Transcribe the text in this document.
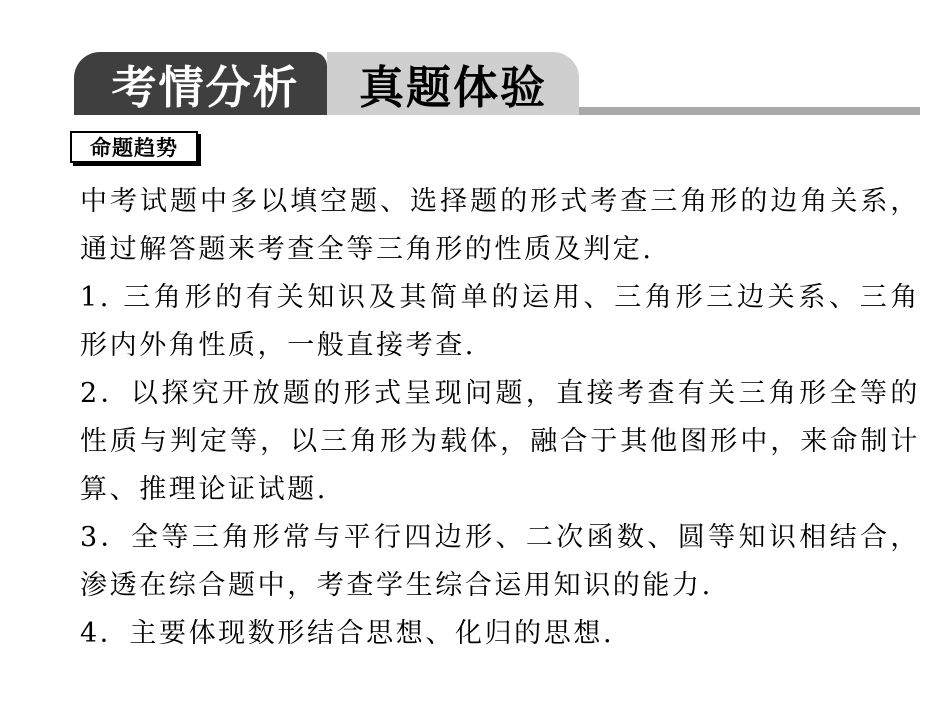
考情分析 真题体验
命题趋势

中考试题中多以填空题、选择题的形式考查三角形的边角关系，通过解答题来考查全等三角形的性质及判定.

1. 三角形的有关知识及其简单的运用、三角形三边关系、三角形内外角性质，一般直接考查.

2．以探究开放题的形式呈现问题，直接考查有关三角形全等的性质与判定等，以三角形为载体，融合于其他图形中，来命制计算、推理论证试题.

3．全等三角形常与平行四边形、二次函数、圆等知识相结合，渗透在综合题中，考查学生综合运用知识的能力.

4．主要体现数形结合思想、化归的思想.
